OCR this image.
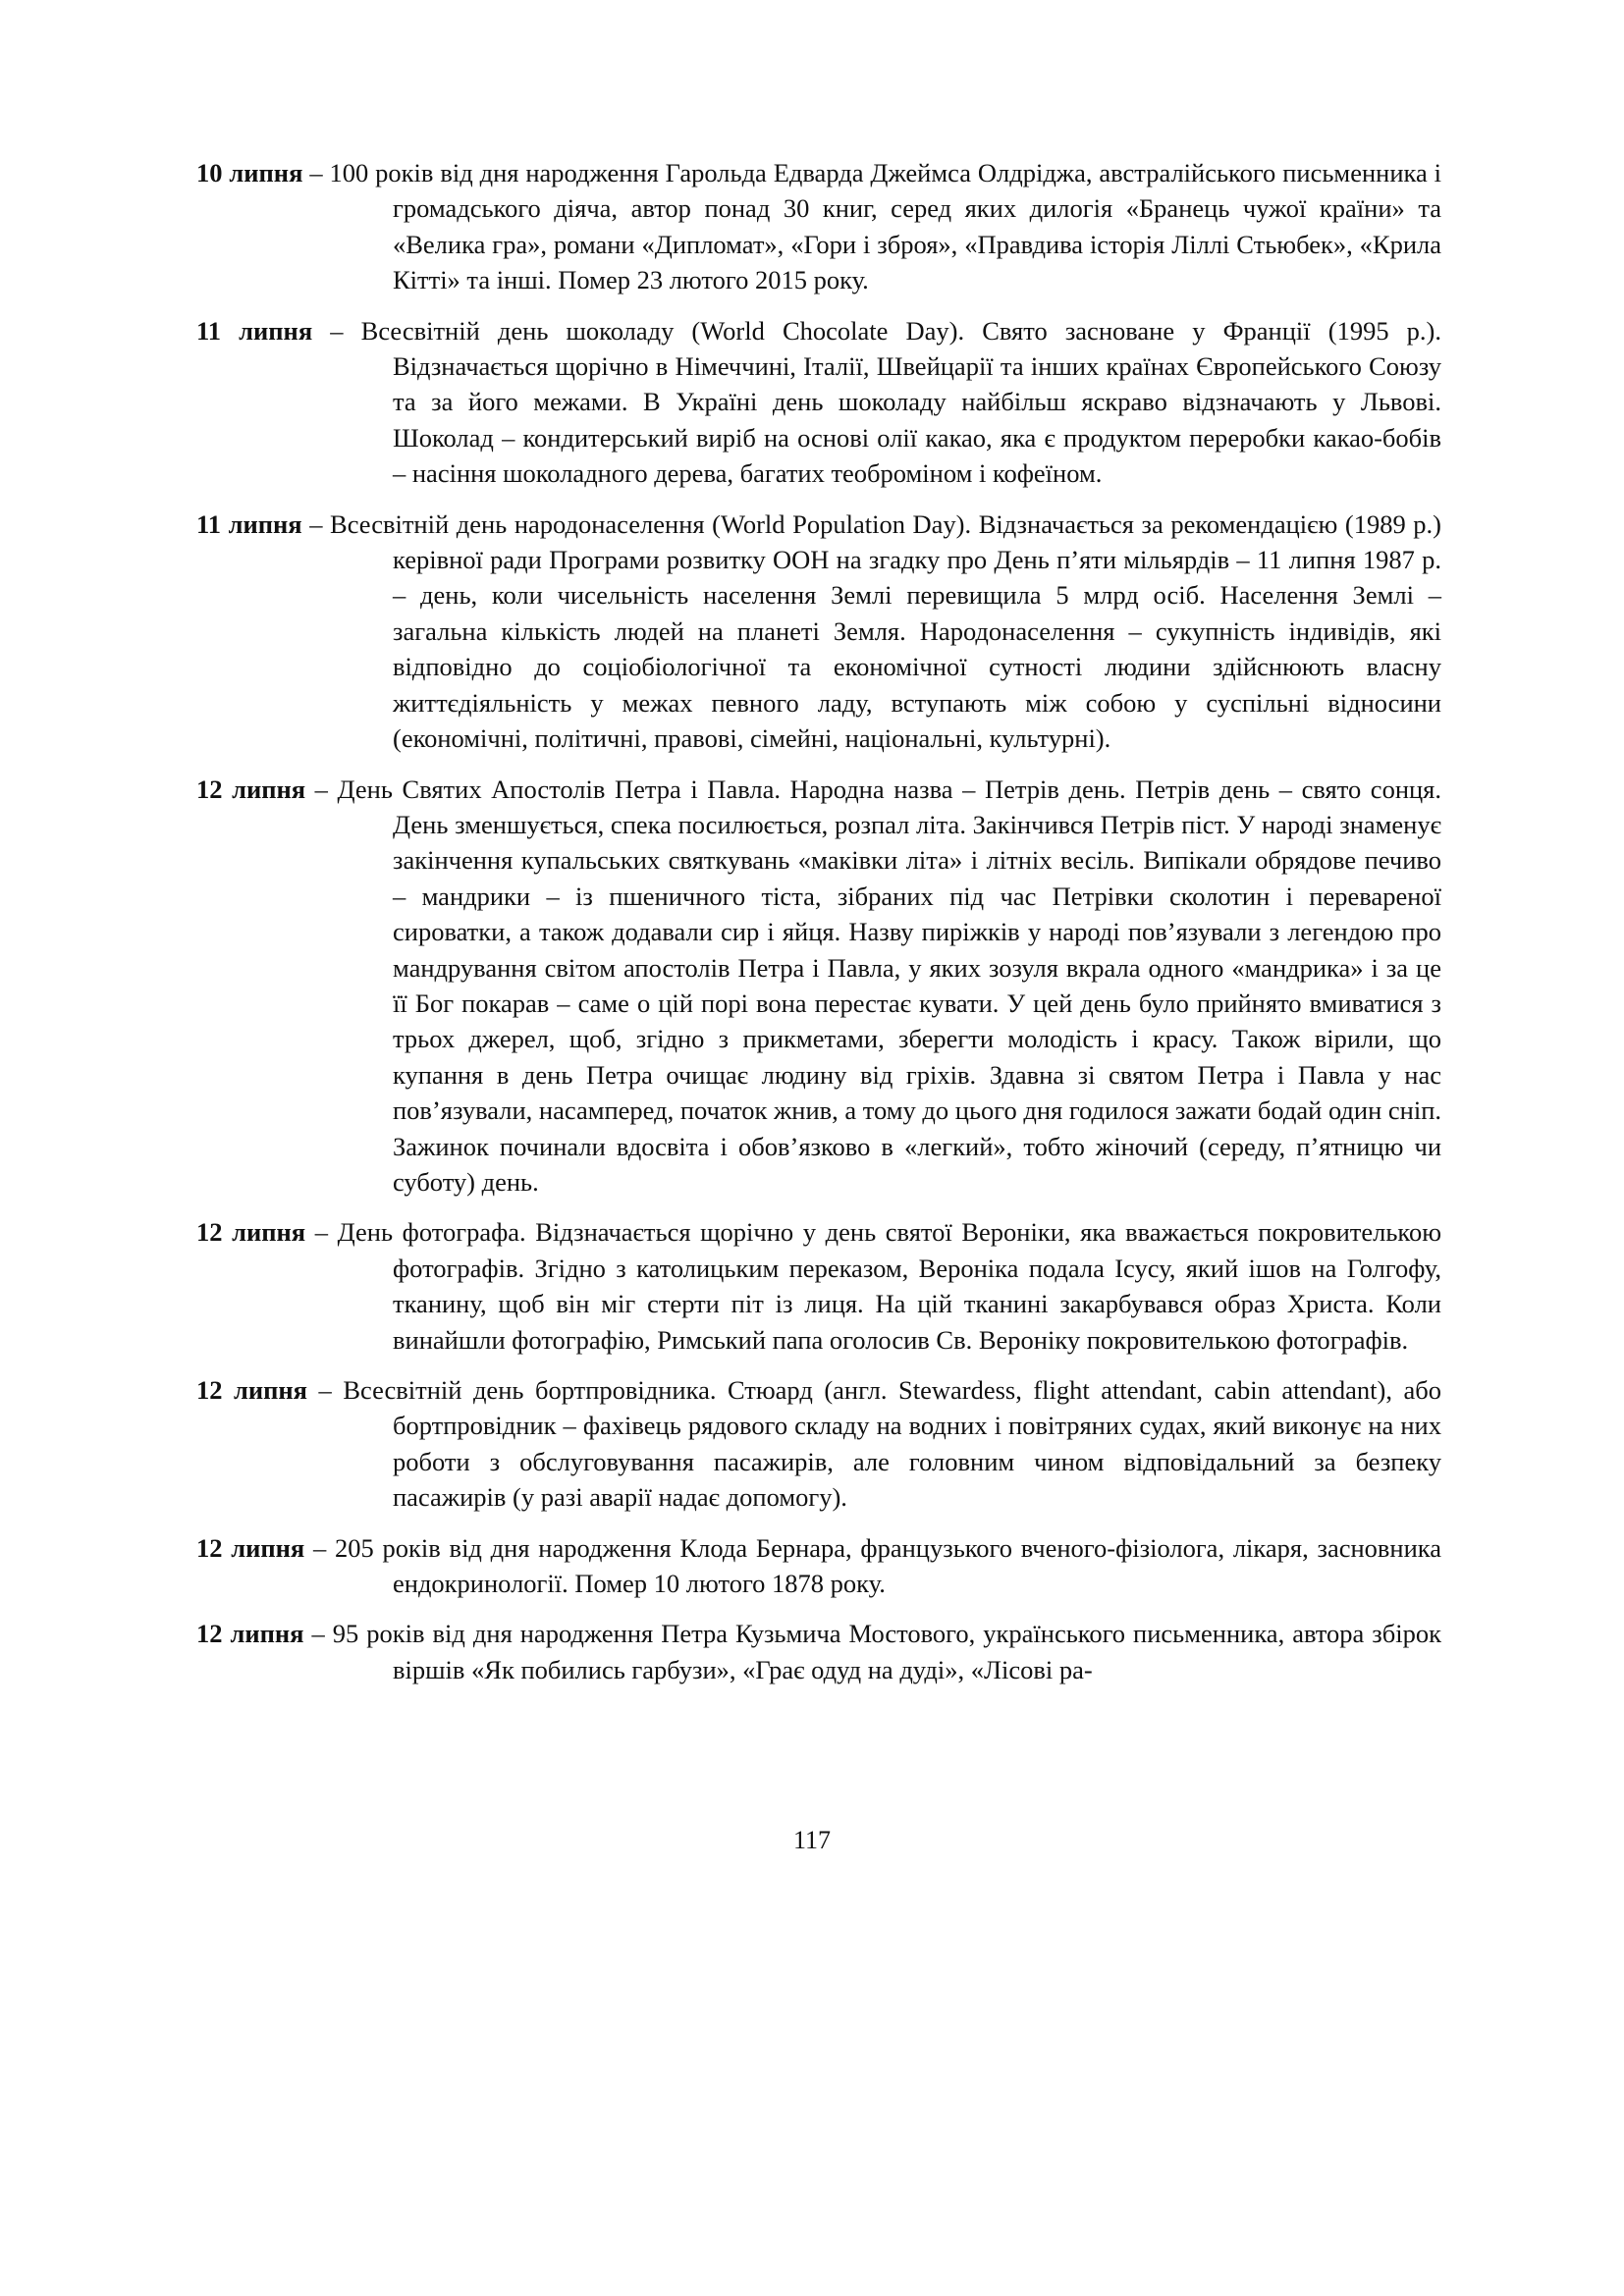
10 липня – 100 років від дня народження Гарольда Едварда Джеймса Олдріджа, австралійського письменника і громадського діяча, автор понад 30 книг, серед яких дилогія «Бранець чужої країни» та «Велика гра», романи «Дипломат», «Гори і зброя», «Правдива історія Ліллі Стьюбек», «Крила Кітті» та інші. Помер 23 лютого 2015 року.

11 липня – Всесвітній день шоколаду (World Chocolate Day). Свято засноване у Франції (1995 р.). Відзначається щорічно в Німеччині, Італії, Швейцарії та інших країнах Європейського Союзу та за його межами. В Україні день шоколаду найбільш яскраво відзначають у Львові. Шоколад – кондитерський виріб на основі олії какао, яка є продуктом переробки какао-бобів – насіння шоколадного дерева, багатих теоброміном і кофеїном.

11 липня – Всесвітній день народонаселення (World Population Day). Відзначається за рекомендацією (1989 р.) керівної ради Програми розвитку ООН на згадку про День п’яти мільярдів – 11 липня 1987 р. – день, коли чисельність населення Землі перевищила 5 млрд осіб. Населення Землі – загальна кількість людей на планеті Земля. Народонаселення – сукупність індивідів, які відповідно до соціобіологічної та економічної сутності людини здійснюють власну життєдіяльність у межах певного ладу, вступають між собою у суспільні відносини (економічні, політичні, правові, сімейні, національні, культурні).

12 липня – День Святих Апостолів Петра і Павла. Народна назва – Петрів день. Петрів день – свято сонця. День зменшується, спека посилюється, розпал літа. Закінчився Петрів піст. У народі знаменує закінчення купальських святкувань «маківки літа» і літніх весіль. Випікали обрядове печиво – мандрики – із пшеничного тіста, зібраних під час Петрівки сколотин і перевареної сироватки, а також додавали сир і яйця. Назву пиріжків у народі пов’язували з легендою про мандрування світом апостолів Петра і Павла, у яких зозуля вкрала одного «мандрика» і за це її Бог покарав – саме о цій порі вона перестає кувати. У цей день було прийнято вмиватися з трьох джерел, щоб, згідно з прикметами, зберегти молодість і красу. Також вірили, що купання в день Петра очищає людину від гріхів. Здавна зі святом Петра і Павла у нас пов’язували, насамперед, початок жнив, а тому до цього дня годилося зажати бодай один сніп. Зажинок починали вдосвіта і обов’язково в «легкий», тобто жіночий (середу, п’ятницю чи суботу) день.

12 липня – День фотографа. Відзначається щорічно у день святої Вероніки, яка вважається покровителькою фотографів. Згідно з католицьким переказом, Вероніка подала Ісусу, який ішов на Голгофу, тканину, щоб він міг стерти піт із лиця. На цій тканині закарбувався образ Христа. Коли винайшли фотографію, Римський папа оголосив Св. Вероніку покровителькою фотографів.

12 липня – Всесвітній день бортпровідника. Стюард (англ. Stewardess, flight attendant, cabin attendant), або бортпровідник – фахівець рядового складу на водних і повітряних судах, який виконує на них роботи з обслуговування пасажирів, але головним чином відповідальний за безпеку пасажирів (у разі аварії надає допомогу).

12 липня – 205 років від дня народження Клода Бернара, французького вченого-фізіолога, лікаря, засновника ендокринології. Помер 10 лютого 1878 року.

12 липня – 95 років від дня народження Петра Кузьмича Мостового, українського письменника, автора збірок віршів «Як побились гарбузи», «Грає одуд на дуді», «Лісові ра-

117
